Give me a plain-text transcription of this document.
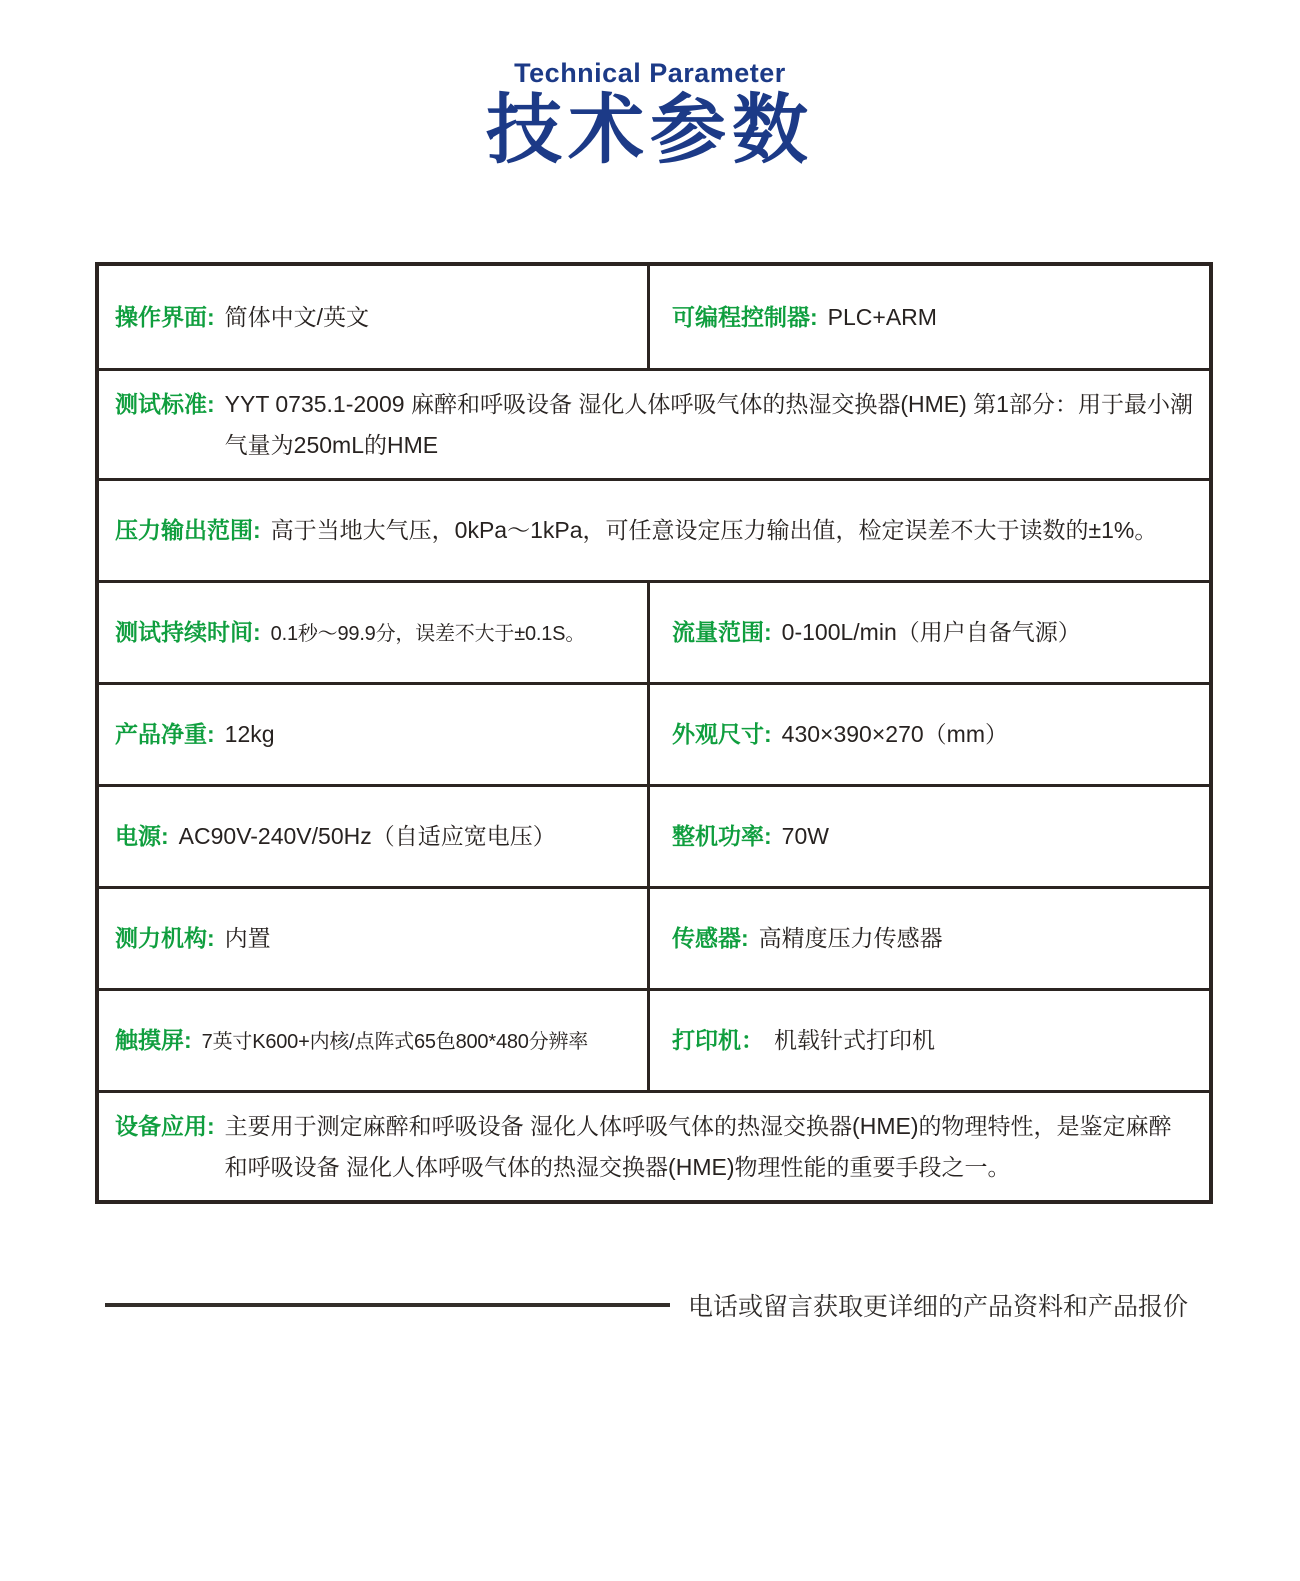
Technical Parameter
技术参数
操作界面: 简体中文/英文	可编程控制器: PLC+ARM
测试标准: YYT 0735.1-2009 麻醉和呼吸设备 湿化人体呼吸气体的热湿交换器(HME) 第1部分：用于最小潮气量为250mL的HME
压力输出范围: 高于当地大气压，0kPa～1kPa，可任意设定压力输出值，检定误差不大于读数的±1%。
测试持续时间: 0.1秒～99.9分，误差不大于±0.1S。	流量范围: 0-100L/min（用户自备气源）
产品净重: 12kg	外观尺寸: 430×390×270（mm）
电源: AC90V-240V/50Hz（自适应宽电压）	整机功率: 70W
测力机构: 内置	传感器: 高精度压力传感器
触摸屏: 7英寸K600+内核/点阵式65色800*480分辨率	打印机： 机载针式打印机
设备应用: 主要用于测定麻醉和呼吸设备 湿化人体呼吸气体的热湿交换器(HME)的物理特性，是鉴定麻醉和呼吸设备 湿化人体呼吸气体的热湿交换器(HME)物理性能的重要手段之一。
电话或留言获取更详细的产品资料和产品报价
